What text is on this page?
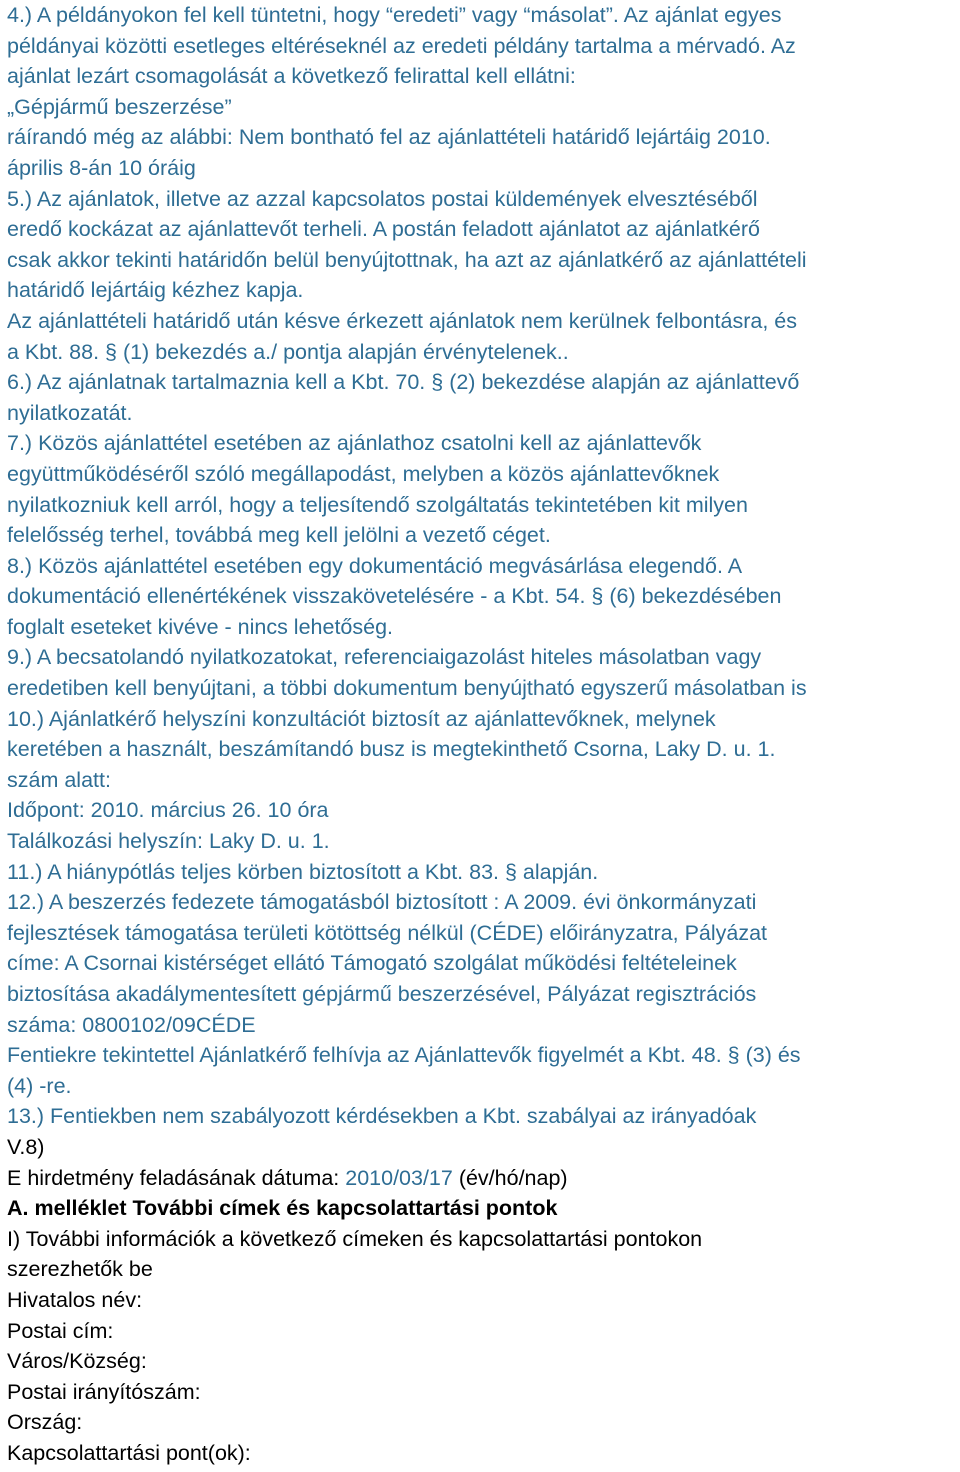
4.) A példányokon fel kell tüntetni, hogy “eredeti” vagy “másolat”. Az ajánlat egyes
példányai közötti esetleges eltéréseknél az eredeti példány tartalma a mérvadó. Az
ajánlat lezárt csomagolását a következő felirattal kell ellátni:
„Gépjármű beszerzése”
ráírandó még az alábbi: Nem bontható fel az ajánlattételi határidő lejártáig 2010.
április 8-án 10 óráig
5.) Az ajánlatok, illetve az azzal kapcsolatos postai küldemények elvesztéséből
eredő kockázat az ajánlattevőt terheli. A postán feladott ajánlatot az ajánlatkérő
csak akkor tekinti határidőn belül benyújtottnak, ha azt az ajánlatkérő az ajánlattételi
határidő lejártáig kézhez kapja.
Az ajánlattételi határidő után késve érkezett ajánlatok nem kerülnek felbontásra, és
a Kbt. 88. § (1) bekezdés a./ pontja alapján érvénytelenek..
6.) Az ajánlatnak tartalmaznia kell a Kbt. 70. § (2) bekezdése alapján az ajánlattevő
nyilatkozatát.
7.) Közös ajánlattétel esetében az ajánlathoz csatolni kell az ajánlattevők
együttműködéséről szóló megállapodást, melyben a közös ajánlattevőknek
nyilatkozniuk kell arról, hogy a teljesítendő szolgáltatás tekintetében kit milyen
felelősség terhel, továbbá meg kell jelölni a vezető céget.
8.) Közös ajánlattétel esetében egy dokumentáció megvásárlása elegendő. A
dokumentáció ellenértékének visszakövetelésére - a Kbt. 54. § (6) bekezdésében
foglalt eseteket kivéve - nincs lehetőség.
9.) A becsatolandó nyilatkozatokat, referenciaigazolást hiteles másolatban vagy
eredetiben kell benyújtani, a többi dokumentum benyújtható egyszerű másolatban is
10.) Ajánlatkérő helyszíni konzultációt biztosít az ajánlattevőknek, melynek
keretében a használt, beszámítandó busz is megtekinthető Csorna, Laky D. u. 1.
szám alatt:
Időpont: 2010. március 26. 10 óra
Találkozási helyszín: Laky D. u. 1.
11.) A hiánypótlás teljes körben biztosított a Kbt. 83. § alapján.
12.) A beszerzés fedezete támogatásból biztosított : A 2009. évi önkormányzati
fejlesztések támogatása területi kötöttség nélkül (CÉDE) előirányzatra, Pályázat
címe: A Csornai kistérséget ellátó Támogató szolgálat működési feltételeinek
biztosítása akadálymentesített gépjármű beszerzésével, Pályázat regisztrációs
száma: 0800102/09CÉDE
Fentiekre tekintettel Ajánlatkérő felhívja az Ajánlattevők figyelmét a Kbt. 48. § (3) és
(4) -re.
13.) Fentiekben nem szabályozott kérdésekben a Kbt. szabályai az irányadóak
V.8)
E hirdetmény feladásának dátuma: 2010/03/17 (év/hó/nap)
A. melléklet További címek és kapcsolattartási pontok
I) További információk a következő címeken és kapcsolattartási pontokon
szerezhetők be
Hivatalos név:
Postai cím:
Város/Község:
Postai irányítószám:
Ország:
Kapcsolattartási pont(ok):
